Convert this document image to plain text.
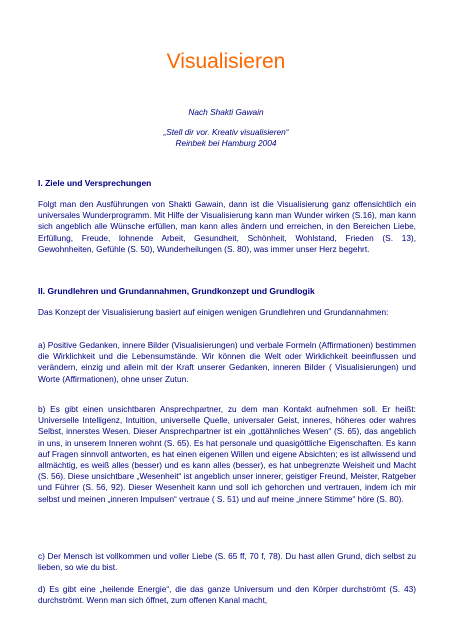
Visualisieren
Nach Shakti Gawain
„Stell dir vor. Kreativ visualisieren“
Reinbek bei Hamburg 2004
I. Ziele und Versprechungen

Folgt man den Ausführungen von Shakti Gawain, dann ist die Visualisierung ganz offensichtlich ein universales Wunderprogramm. Mit Hilfe der Visualisierung kann man Wunder wirken (S.16), man kann sich angeblich alle Wünsche erfüllen, man kann alles ändern und erreichen, in den Bereichen Liebe, Erfüllung, Freude, lohnende Arbeit, Gesundheit, Schönheit, Wohlstand, Frieden (S. 13), Gewohnheiten, Gefühle (S. 50), Wunderheilungen (S. 80), was immer unser Herz begehrt.

II. Grundlehren und Grundannahmen, Grundkonzept und Grundlogik

Das Konzept der Visualisierung basiert auf einigen wenigen Grundlehren und Grundannahmen:

a) Positive Gedanken, innere Bilder (Visualisierungen) und verbale Formeln (Affirmationen) bestimmen die Wirklichkeit und die Lebensumstände. Wir können die Welt oder Wirklichkeit beeinflussen und verändern, einzig und allein mit der Kraft unserer Gedanken, inneren Bilder ( Visualisierungen) und Worte (Affirmationen), ohne unser Zutun.

b) Es gibt einen unsichtbaren Ansprechpartner, zu dem man Kontakt aufnehmen soll. Er heißt: Universelle Intelligenz, Intuition, universelle Quelle, universaler Geist, inneres, höheres oder wahres Selbst, innerstes Wesen. Dieser Ansprechpartner ist ein „gottähnliches Wesen“ (S. 65), das angeblich in uns, in unserem Inneren wohnt (S. 65). Es hat personale und quasigöttliche Eigenschaften. Es kann auf Fragen sinnvoll antworten, es hat einen eigenen Willen und eigene Absichten; es ist allwissend und allmächtig, es weiß alles (besser) und es kann alles (besser), es hat unbegrenzte Weisheit und Macht (S. 56). Diese unsichtbare „Wesenheit“ ist angeblich unser innerer, geistiger Freund, Meister, Ratgeber und Führer (S. 56, 92). Dieser Wesenheit kann und soll ich gehorchen und vertrauen, indem ich mir selbst und meinen „inneren Impulsen“ vertraue ( S. 51) und auf meine „innere Stimme“ höre (S. 80).

c) Der Mensch ist vollkommen und voller Liebe (S. 65 ff, 70 f, 78). Du hast allen Grund, dich selbst zu lieben, so wie du bist.

d) Es gibt eine „heilende Energie“, die das ganze Universum und den Körper durchströmt (S. 43) durchströmt. Wenn man sich öffnet, zum offenen Kanal macht,
